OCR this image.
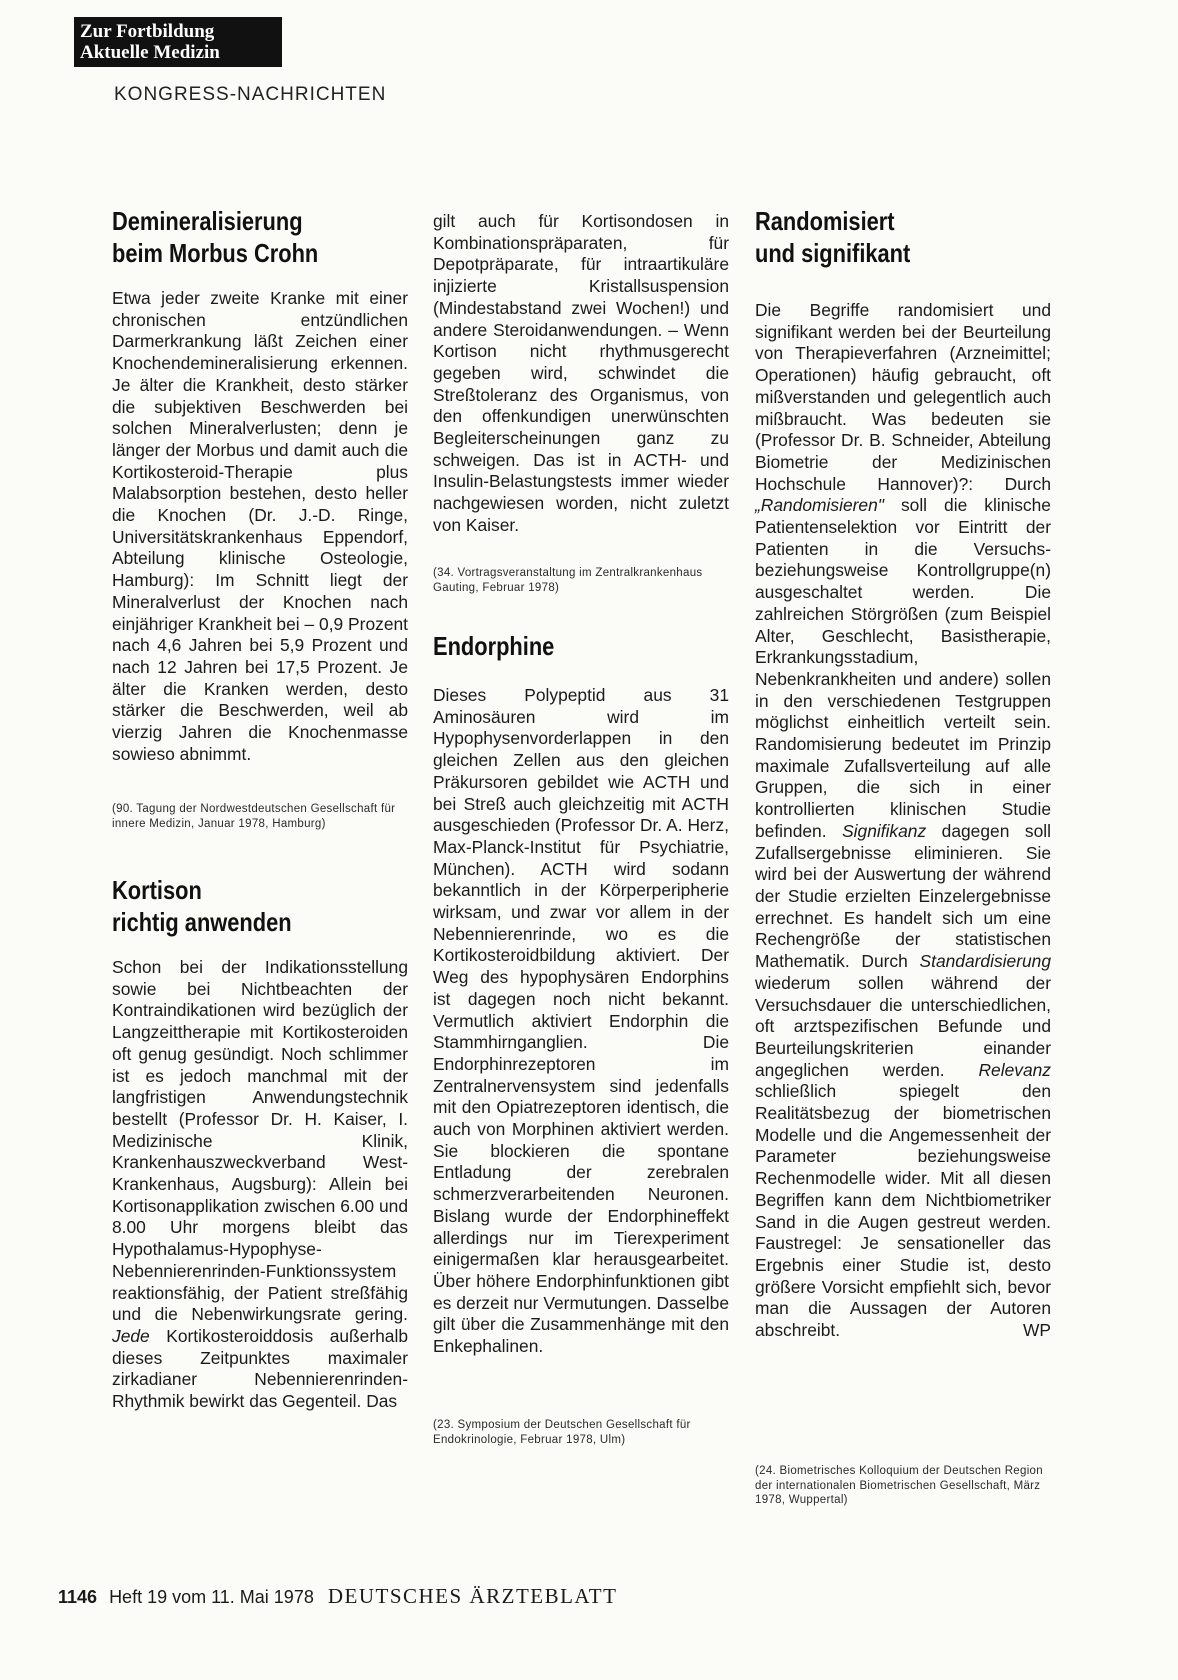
Zur Fortbildung
Aktuelle Medizin
KONGRESS-NACHRICHTEN
Demineralisierung
beim Morbus Crohn
Etwa jeder zweite Kranke mit einer chronischen entzündlichen Darmerkrankung läßt Zeichen einer Knochendemineralisierung erkennen. Je älter die Krankheit, desto stärker die subjektiven Beschwerden bei solchen Mineralverlusten; denn je länger der Morbus und damit auch die Kortikosteroid-Therapie plus Malabsorption bestehen, desto heller die Knochen (Dr. J.-D. Ringe, Universitätskrankenhaus Eppendorf, Abteilung klinische Osteologie, Hamburg): Im Schnitt liegt der Mineralverlust der Knochen nach einjähriger Krankheit bei – 0,9 Prozent nach 4,6 Jahren bei 5,9 Prozent und nach 12 Jahren bei 17,5 Prozent. Je älter die Kranken werden, desto stärker die Beschwerden, weil ab vierzig Jahren die Knochenmasse sowieso abnimmt.
(90. Tagung der Nordwestdeutschen Gesellschaft für innere Medizin, Januar 1978, Hamburg)
Kortison
richtig anwenden
Schon bei der Indikationsstellung sowie bei Nichtbeachten der Kontraindikationen wird bezüglich der Langzeittherapie mit Kortikosteroiden oft genug gesündigt. Noch schlimmer ist es jedoch manchmal mit der langfristigen Anwendungstechnik bestellt (Professor Dr. H. Kaiser, I. Medizinische Klinik, Krankenhauszweckverband West-Krankenhaus, Augsburg): Allein bei Kortisonapplikation zwischen 6.00 und 8.00 Uhr morgens bleibt das Hypothalamus-Hypophyse-Nebennierenrinden-Funktionssystem reaktionsfähig, der Patient streßfähig und die Nebenwirkungsrate gering. Jede Kortikosteroiddosis außerhalb dieses Zeitpunktes maximaler zirkadianer Nebennierenrinden-Rhythmik bewirkt das Gegenteil. Das
gilt auch für Kortisondosen in Kombinationspräparaten, für Depotpräparate, für intraartikuläre injizierte Kristallsuspension (Mindestabstand zwei Wochen!) und andere Steroidanwendungen. – Wenn Kortison nicht rhythmusgerecht gegeben wird, schwindet die Streßtoleranz des Organismus, von den offenkundigen unerwünschten Begleiterscheinungen ganz zu schweigen. Das ist in ACTH- und Insulin-Belastungstests immer wieder nachgewiesen worden, nicht zuletzt von Kaiser.
(34. Vortragsveranstaltung im Zentralkrankenhaus Gauting, Februar 1978)
Endorphine
Dieses Polypeptid aus 31 Aminosäuren wird im Hypophysenvorderlappen in den gleichen Zellen aus den gleichen Präkursoren gebildet wie ACTH und bei Streß auch gleichzeitig mit ACTH ausgeschieden (Professor Dr. A. Herz, Max-Planck-Institut für Psychiatrie, München). ACTH wird sodann bekanntlich in der Körperperipherie wirksam, und zwar vor allem in der Nebennierenrinde, wo es die Kortikosteroidbildung aktiviert. Der Weg des hypophysären Endorphins ist dagegen noch nicht bekannt. Vermutlich aktiviert Endorphin die Stammhirnganglien. Die Endorphinrezeptoren im Zentralnervensystem sind jedenfalls mit den Opiatrezeptoren identisch, die auch von Morphinen aktiviert werden. Sie blockieren die spontane Entladung der zerebralen schmerzverarbeitenden Neuronen. Bislang wurde der Endorphineffekt allerdings nur im Tierexperiment einigermaßen klar herausgearbeitet. Über höhere Endorphinfunktionen gibt es derzeit nur Vermutungen. Dasselbe gilt über die Zusammenhänge mit den Enkephalinen.
(23. Symposium der Deutschen Gesellschaft für Endokrinologie, Februar 1978, Ulm)
Randomisiert
und signifikant
Die Begriffe randomisiert und signifikant werden bei der Beurteilung von Therapieverfahren (Arzneimittel; Operationen) häufig gebraucht, oft mißverstanden und gelegentlich auch mißbraucht. Was bedeuten sie (Professor Dr. B. Schneider, Abteilung Biometrie der Medizinischen Hochschule Hannover)?: Durch „Randomisieren" soll die klinische Patientenselektion vor Eintritt der Patienten in die Versuchs- beziehungsweise Kontrollgruppe(n) ausgeschaltet werden. Die zahlreichen Störgrößen (zum Beispiel Alter, Geschlecht, Basistherapie, Erkrankungsstadium, Nebenkrankheiten und andere) sollen in den verschiedenen Testgruppen möglichst einheitlich verteilt sein. Randomisierung bedeutet im Prinzip maximale Zufallsverteilung auf alle Gruppen, die sich in einer kontrollierten klinischen Studie befinden. Signifikanz dagegen soll Zufallsergebnisse eliminieren. Sie wird bei der Auswertung der während der Studie erzielten Einzelergebnisse errechnet. Es handelt sich um eine Rechengröße der statistischen Mathematik. Durch Standardisierung wiederum sollen während der Versuchsdauer die unterschiedlichen, oft arztspezifischen Befunde und Beurteilungskriterien einander angeglichen werden. Relevanz schließlich spiegelt den Realitätsbezug der biometrischen Modelle und die Angemessenheit der Parameter beziehungsweise Rechenmodelle wider. Mit all diesen Begriffen kann dem Nichtbiometriker Sand in die Augen gestreut werden. Faustregel: Je sensationeller das Ergebnis einer Studie ist, desto größere Vorsicht empfiehlt sich, bevor man die Aussagen der Autoren abschreibt.	WP
(24. Biometrisches Kolloquium der Deutschen Region der internationalen Biometrischen Gesellschaft, März 1978, Wuppertal)
1146 Heft 19 vom 11. Mai 1978 DEUTSCHES ÄRZTEBLATT
